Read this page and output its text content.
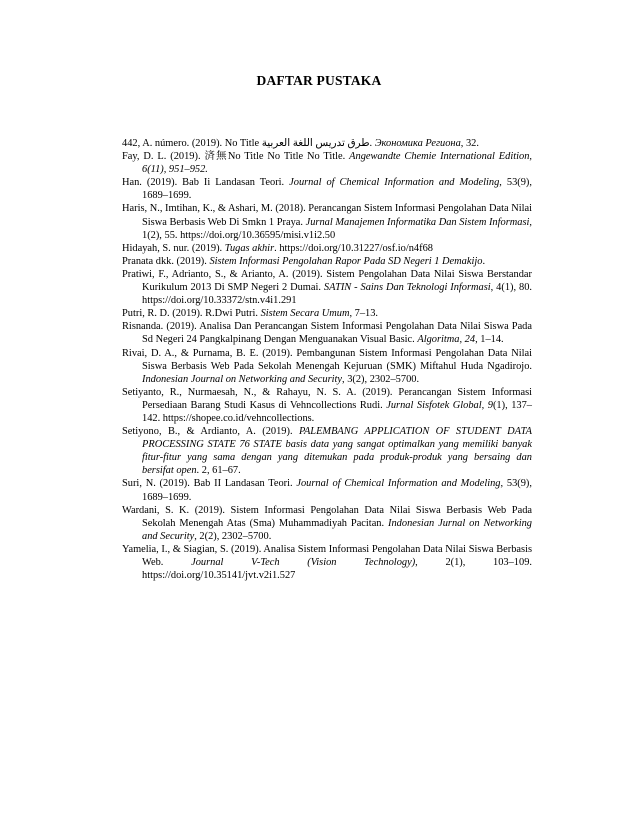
DAFTAR PUSTAKA

442, A. número. (2019). No Title طرق تدريس اللغة العربية. Экономика Региона, 32.

Fay, D. L. (2019). 済無No Title No Title No Title. Angewandte Chemie International Edition, 6(11), 951–952.

Han. (2019). Bab Ii Landasan Teori. Journal of Chemical Information and Modeling, 53(9), 1689–1699.

Haris, N., Imtihan, K., & Ashari, M. (2018). Perancangan Sistem Informasi Pengolahan Data Nilai Siswa Berbasis Web Di Smkn 1 Praya. Jurnal Manajemen Informatika Dan Sistem Informasi, 1(2), 55. https://doi.org/10.36595/misi.v1i2.50

Hidayah, S. nur. (2019). Tugas akhir. https://doi.org/10.31227/osf.io/n4f68

Pranata dkk. (2019). Sistem Informasi Pengolahan Rapor Pada SD Negeri 1 Demakijo.

Pratiwi, F., Adrianto, S., & Arianto, A. (2019). Sistem Pengolahan Data Nilai Siswa Berstandar Kurikulum 2013 Di SMP Negeri 2 Dumai. SATIN - Sains Dan Teknologi Informasi, 4(1), 80. https://doi.org/10.33372/stn.v4i1.291

Putri, R. D. (2019). R.Dwi Putri. Sistem Secara Umum, 7–13.

Risnanda. (2019). Analisa Dan Perancangan Sistem Informasi Pengolahan Data Nilai Siswa Pada Sd Negeri 24 Pangkalpinang Dengan Menguanakan Visual Basic. Algoritma, 24, 1–14.

Rivai, D. A., & Purnama, B. E. (2019). Pembangunan Sistem Informasi Pengolahan Data Nilai Siswa Berbasis Web Pada Sekolah Menengah Kejuruan (SMK) Miftahul Huda Ngadirojo. Indonesian Journal on Networking and Security, 3(2), 2302–5700.

Setiyanto, R., Nurmaesah, N., & Rahayu, N. S. A. (2019). Perancangan Sistem Informasi Persediaan Barang Studi Kasus di Vehncollections Rudi. Jurnal Sisfotek Global, 9(1), 137–142. https://shopee.co.id/vehncollections.

Setiyono, B., & Ardianto, A. (2019). PALEMBANG APPLICATION OF STUDENT DATA PROCESSING STATE 76 STATE basis data yang sangat optimalkan yang memiliki banyak fitur-fitur yang sama dengan yang ditemukan pada produk-produk yang bersaing dan bersifat open. 2, 61–67.

Suri, N. (2019). Bab II Landasan Teori. Journal of Chemical Information and Modeling, 53(9), 1689–1699.

Wardani, S. K. (2019). Sistem Informasi Pengolahan Data Nilai Siswa Berbasis Web Pada Sekolah Menengah Atas (Sma) Muhammadiyah Pacitan. Indonesian Jurnal on Networking and Security, 2(2), 2302–5700.

Yamelia, I., & Siagian, S. (2019). Analisa Sistem Informasi Pengolahan Data Nilai Siswa Berbasis Web. Journal V-Tech (Vision Technology), 2(1), 103–109. https://doi.org/10.35141/jvt.v2i1.527
